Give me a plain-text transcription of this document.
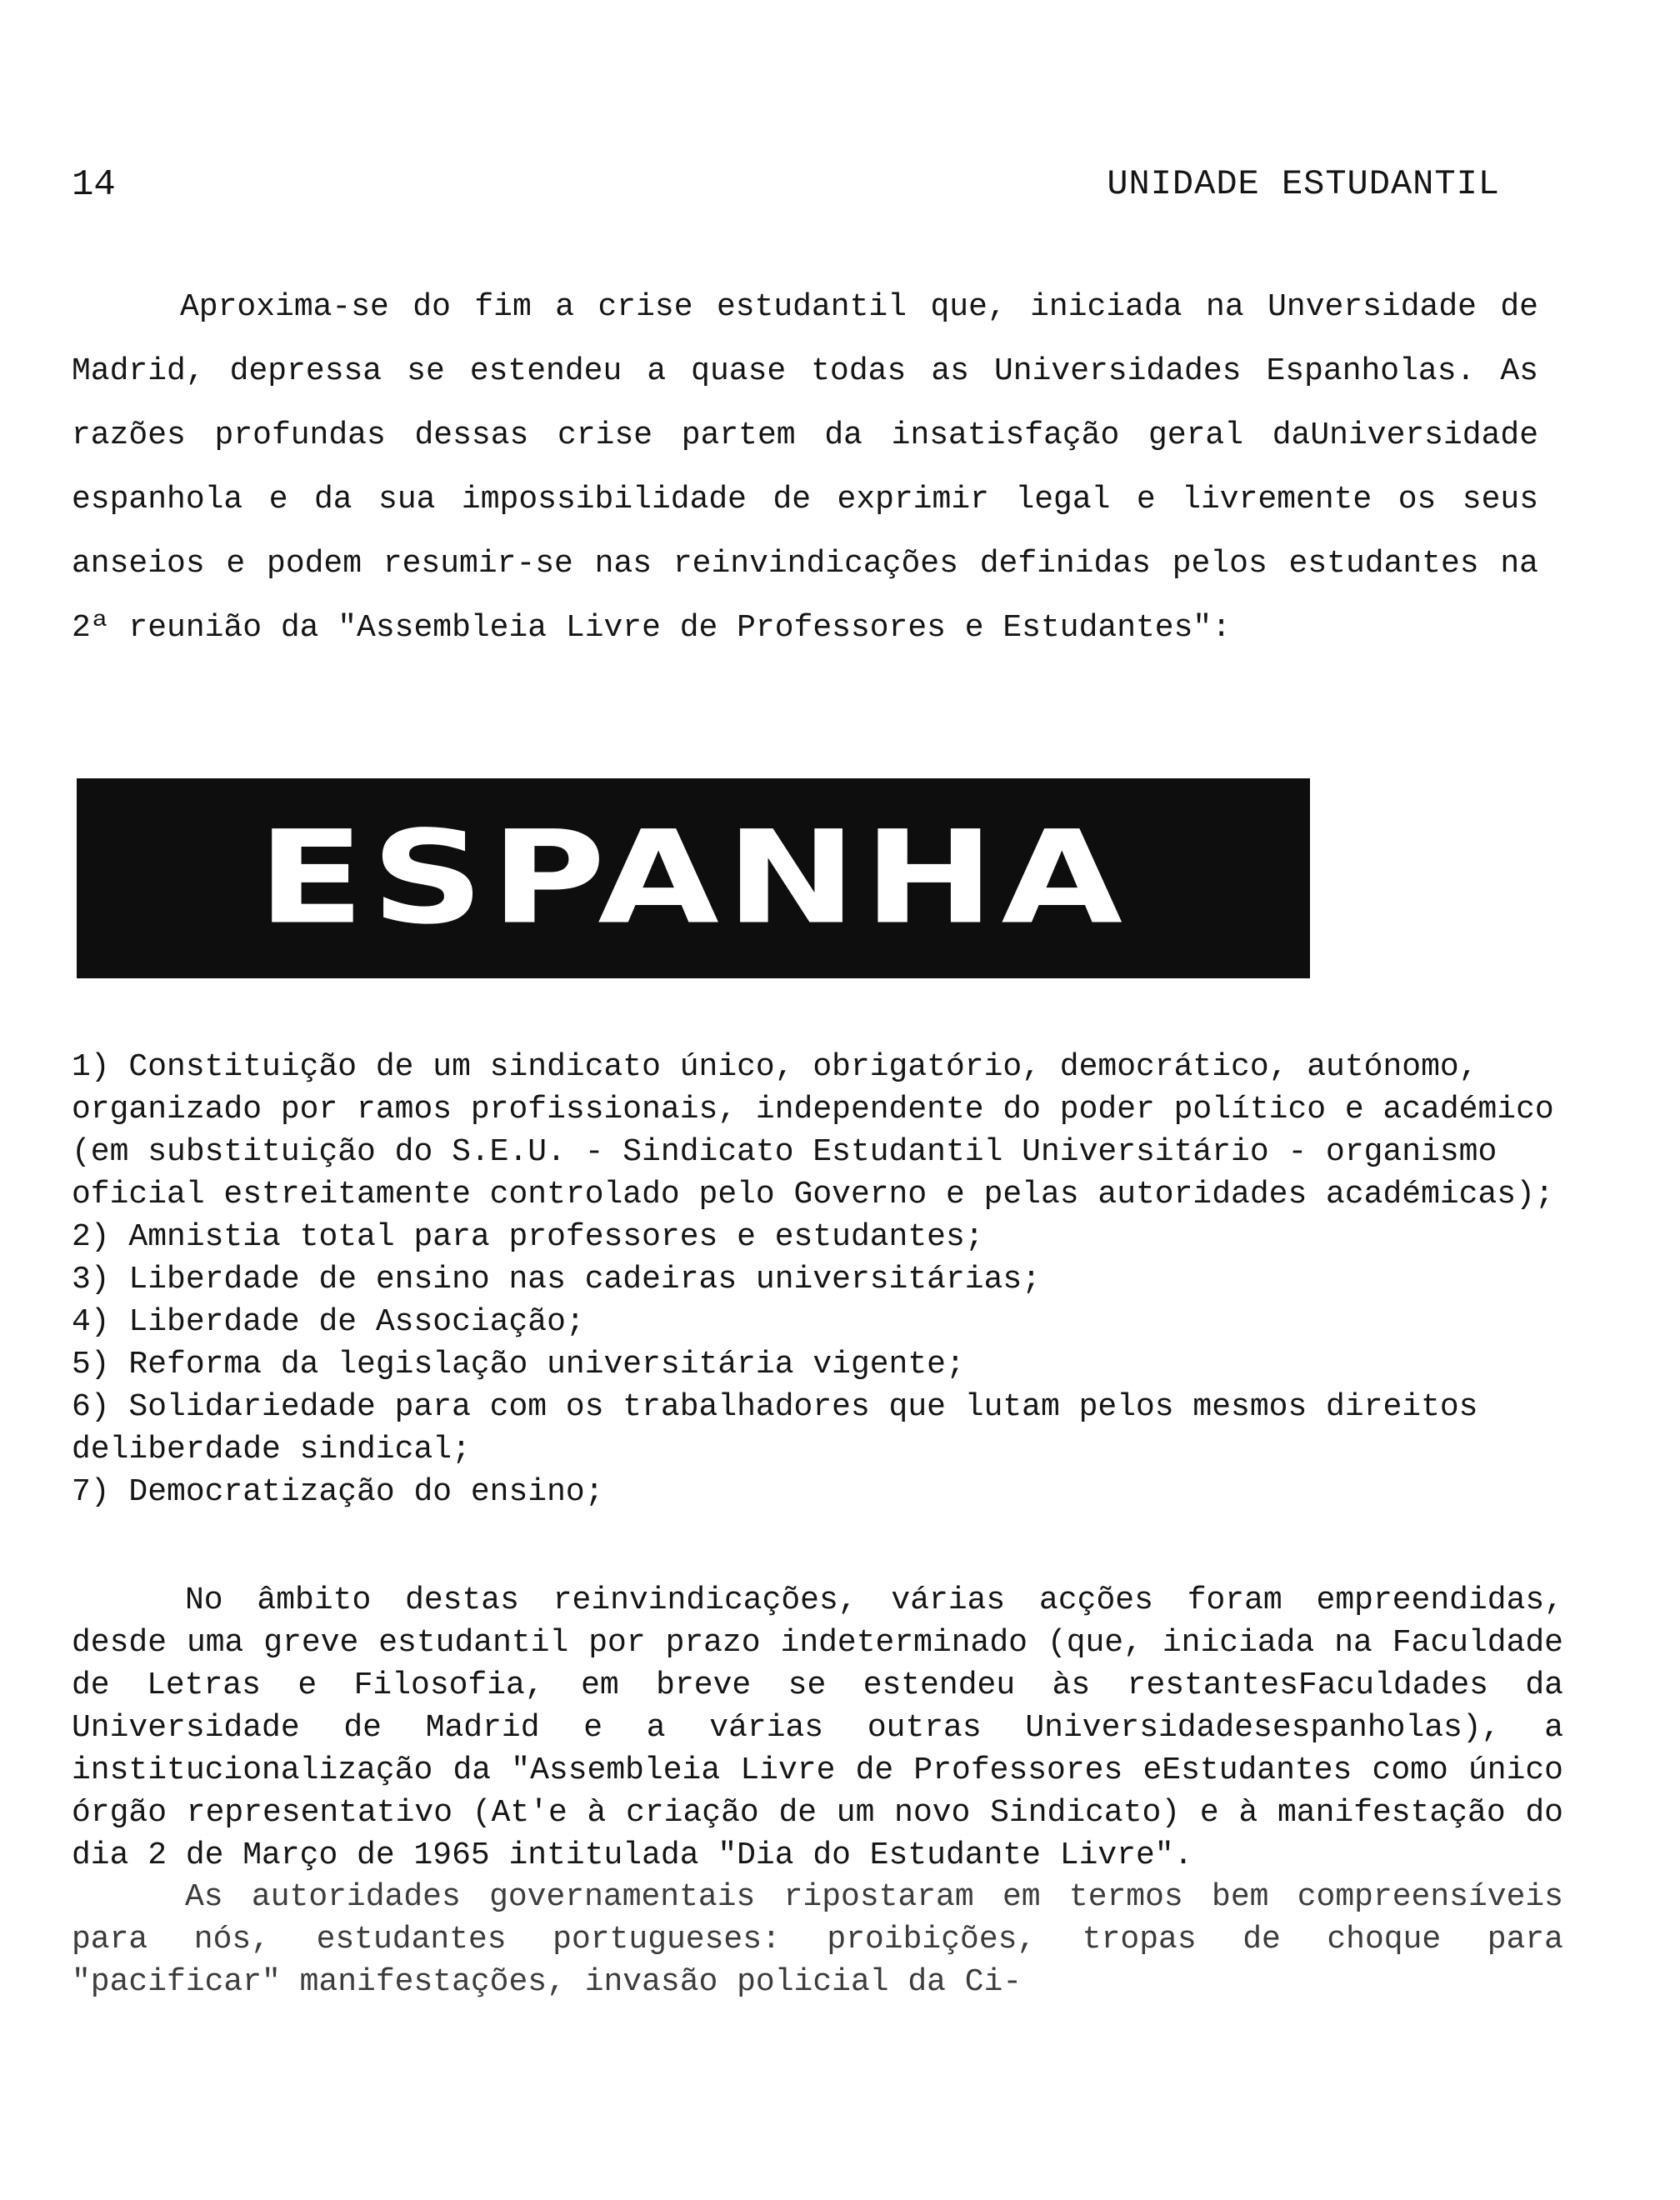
14	UNIDADE ESTUDANTIL

Aproxima-se do fim a crise estudantil que, iniciada na Unversidade de Madrid, depressa se estendeu a quase todas as Universidades Espanholas. As razões profundas dessas crise partem da insatisfação geral daUniversidade espanhola e da sua impossibilidade de exprimir legal e livremente os seus anseios e podem resumir-se nas reinvindicações definidas pelos estudantes na 2ª reunião da "Assembleia Livre de Professores e Estudantes":

ESPANHA
1) Constituição de um sindicato único, obrigatório, democrático, autónomo, organizado por ramos profissionais, independente do poder político e académico (em substituição do S.E.U. - Sindicato Estudantil Universitário - organismo oficial estreitamente controlado pelo Governo e pelas autoridades académicas);
2) Amnistia total para professores e estudantes;
3) Liberdade de ensino nas cadeiras universitárias;
4) Liberdade de Associação;
5) Reforma da legislação universitária vigente;
6) Solidariedade para com os trabalhadores que lutam pelos mesmos direitos deliberdade sindical;
7) Democratização do ensino;

No âmbito destas reinvindicações, várias acções foram empreendidas, desde uma greve estudantil por prazo indeterminado (que, iniciada na Faculdade de Letras e Filosofia, em breve se estendeu às restantesFaculdades da Universidade de Madrid e a várias outras Universidadesespanholas), a institucionalização da "Assembleia Livre de Professores eEstudantes como único órgão representativo (At'e à criação de um novo Sindicato) e à manifestação do dia 2 de Março de 1965 intitulada "Dia do Estudante Livre".

As autoridades governamentais ripostaram em termos bem compreensíveis para nós, estudantes portugueses: proibições, tropas de choque para "pacificar" manifestações, invasão policial da Ci-
